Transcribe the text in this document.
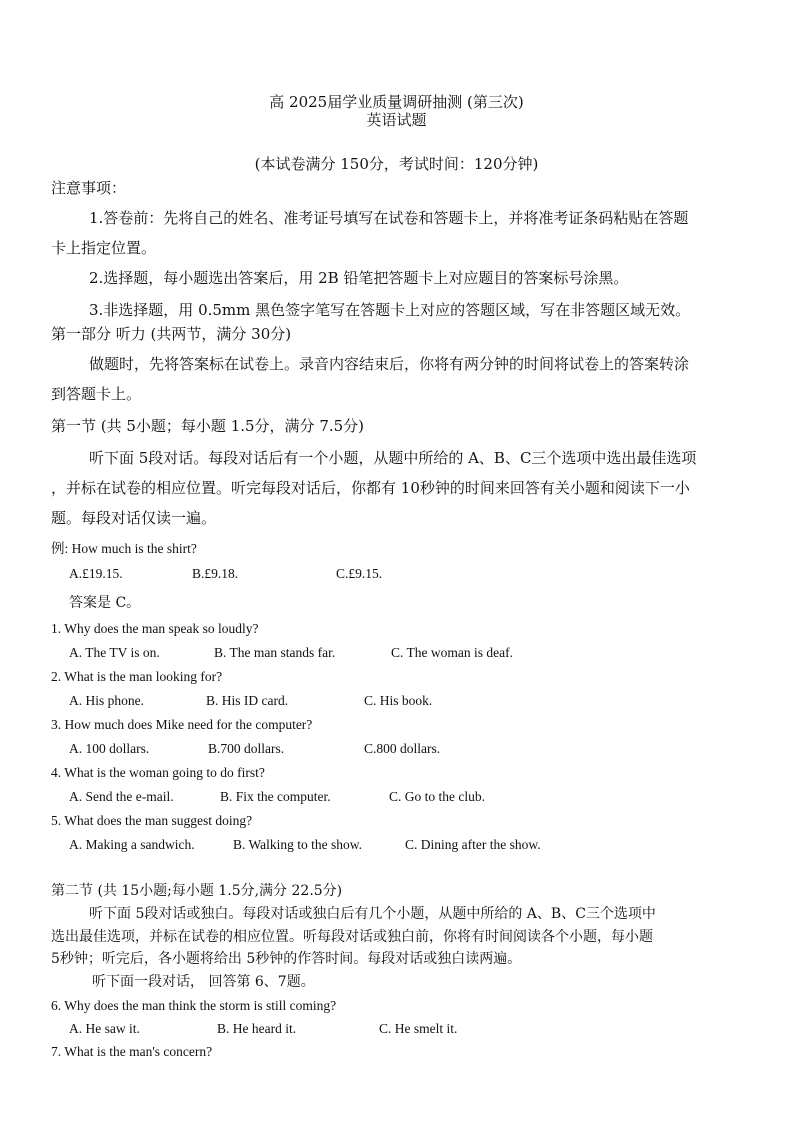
高 2025届学业质量调研抽测 (第三次)
英语试题
(本试卷满分 150分，考试时间：120分钟)
注意事项：
1.答卷前：先将自己的姓名、准考证号填写在试卷和答题卡上，并将准考证条码粘贴在答题
卡上指定位置。
2.选择题，每小题选出答案后，用 2B 铅笔把答题卡上对应题目的答案标号涂黑。
3.非选择题，用 0.5mm 黑色签字笔写在答题卡上对应的答题区域，写在非答题区域无效。
第一部分 听力 (共两节，满分 30分)
做题时，先将答案标在试卷上。录音内容结束后，你将有两分钟的时间将试卷上的答案转涂
到答题卡上。
第一节 (共 5小题；每小题 1.5分，满分 7.5分)
听下面 5段对话。每段对话后有一个小题，从题中所给的 A、B、C三个选项中选出最佳选项
，并标在试卷的相应位置。听完每段对话后，你都有 10秒钟的时间来回答有关小题和阅读下一小
题。每段对话仅读一遍。
例: How much is the shirt?
A.£19.15.	B.£9.18.	C.£9.15.
答案是 C。
1. Why does the man speak so loudly?
A. The TV is on.	B. The man stands far.	C. The woman is deaf.
2. What is the man looking for?
A. His phone.	B. His ID card.	C. His book.
3. How much does Mike need for the computer?
A. 100 dollars.	B.700 dollars.	C.800 dollars.
4. What is the woman going to do first?
A. Send the e-mail.	B. Fix the computer.	C. Go to the club.
5. What does the man suggest doing?
A. Making a sandwich.	B. Walking to the show.	C. Dining after the show.
第二节 (共 15小题;每小题 1.5分,满分 22.5分)
听下面 5段对话或独白。每段对话或独白后有几个小题，从题中所给的 A、B、C三个选项中
选出最佳选项，并标在试卷的相应位置。听每段对话或独白前，你将有时间阅读各个小题，每小题
5秒钟；听完后，各小题将给出 5秒钟的作答时间。每段对话或独白读两遍。
听下面一段对话， 回答第 6、7题。
6. Why does the man think the storm is still coming?
A. He saw it.	B. He heard it.	C. He smelt it.
7. What is the man's concern?
